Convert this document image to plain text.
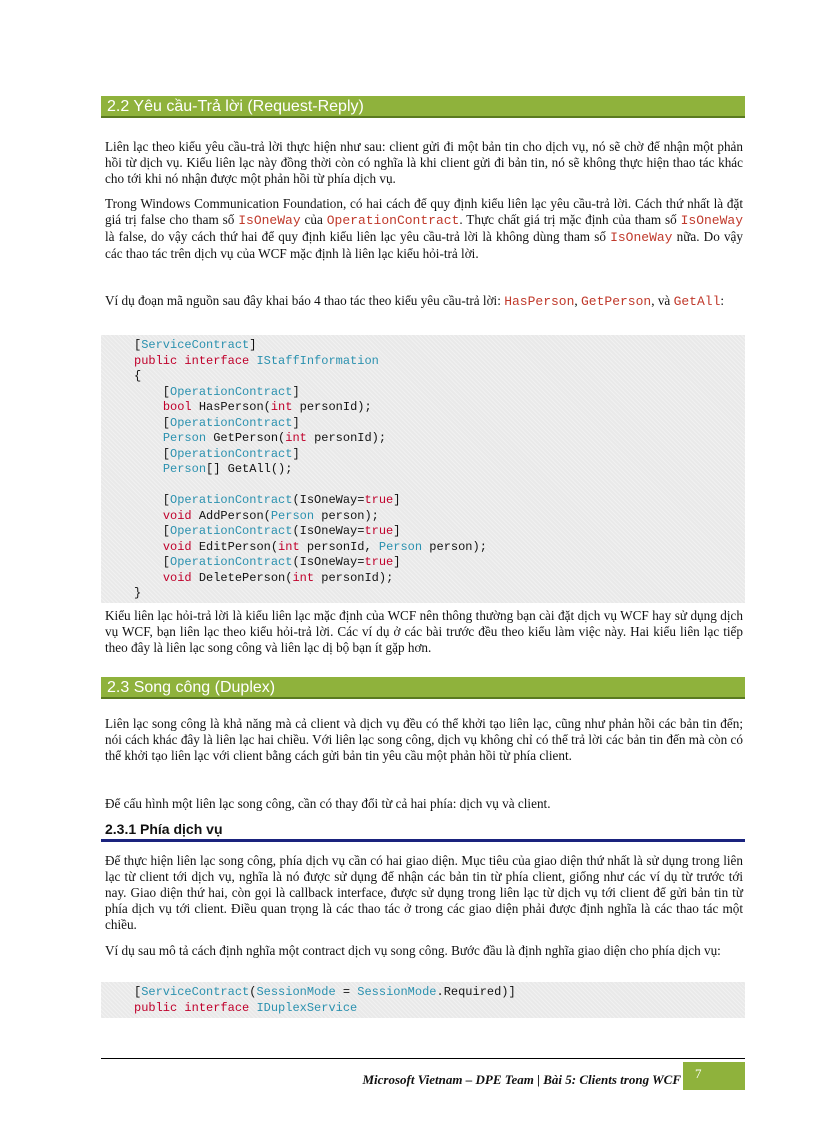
2.2 Yêu cầu-Trả lời (Request-Reply)

Liên lạc theo kiểu yêu cầu-trả lời thực hiện như sau: client gửi đi một bản tin cho dịch vụ, nó sẽ chờ để nhận một phản hồi từ dịch vụ. Kiểu liên lạc này đồng thời còn có nghĩa là khi client gửi đi bản tin, nó sẽ không thực hiện thao tác khác cho tới khi nó nhận được một phản hồi từ phía dịch vụ.

Trong Windows Communication Foundation, có hai cách để quy định kiểu liên lạc yêu cầu-trả lời. Cách thứ nhất là đặt giá trị false cho tham số IsOneWay của OperationContract. Thực chất giá trị mặc định của tham số IsOneWay là false, do vậy cách thứ hai để quy định kiểu liên lạc yêu cầu-trả lời là không dùng tham số IsOneWay nữa. Do vậy các thao tác trên dịch vụ của WCF mặc định là liên lạc kiểu hỏi-trả lời.

Ví dụ đoạn mã nguồn sau đây khai báo 4 thao tác theo kiểu yêu cầu-trả lời: HasPerson, GetPerson, và GetAll:

[ServiceContract]
public interface IStaffInformation
{
[OperationContract]
bool HasPerson(int personId);
[OperationContract]
Person GetPerson(int personId);
[OperationContract]
Person[] GetAll();
[OperationContract(IsOneWay=true]
void AddPerson(Person person);
[OperationContract(IsOneWay=true]
void EditPerson(int personId, Person person);
[OperationContract(IsOneWay=true]
void DeletePerson(int personId);
}

Kiểu liên lạc hỏi-trả lời là kiểu liên lạc mặc định của WCF nên thông thường bạn cài đặt dịch vụ WCF hay sử dụng dịch vụ WCF, bạn liên lạc theo kiểu hỏi-trả lời. Các ví dụ ở các bài trước đều theo kiểu làm việc này. Hai kiểu liên lạc tiếp theo đây là liên lạc song công và liên lạc dị bộ bạn ít gặp hơn.

2.3 Song công (Duplex)

Liên lạc song công là khả năng mà cả client và dịch vụ đều có thể khởi tạo liên lạc, cũng như phản hồi các bản tin đến; nói cách khác đây là liên lạc hai chiều. Với liên lạc song công, dịch vụ không chỉ có thể trả lời các bản tin đến mà còn có thể khởi tạo liên lạc với client bằng cách gửi bản tin yêu cầu một phản hồi từ phía client.

Để cấu hình một liên lạc song công, cần có thay đổi từ cả hai phía: dịch vụ và client.

2.3.1 Phía dịch vụ

Để thực hiện liên lạc song công, phía dịch vụ cần có hai giao diện. Mục tiêu của giao diện thứ nhất là sử dụng trong liên lạc từ client tới dịch vụ, nghĩa là nó được sử dụng để nhận các bản tin từ phía client, giống như các ví dụ từ trước tới nay. Giao diện thứ hai, còn gọi là callback interface, được sử dụng trong liên lạc từ dịch vụ tới client để gửi bản tin từ phía dịch vụ tới client. Điều quan trọng là các thao tác ở trong các giao diện phải được định nghĩa là các thao tác một chiều.

Ví dụ sau mô tả cách định nghĩa một contract dịch vụ song công. Bước đầu là định nghĩa giao diện cho phía dịch vụ:

[ServiceContract(SessionMode = SessionMode.Required)]
public interface IDuplexService
Microsoft Vietnam – DPE Team | Bài 5: Clients trong WCF	7
